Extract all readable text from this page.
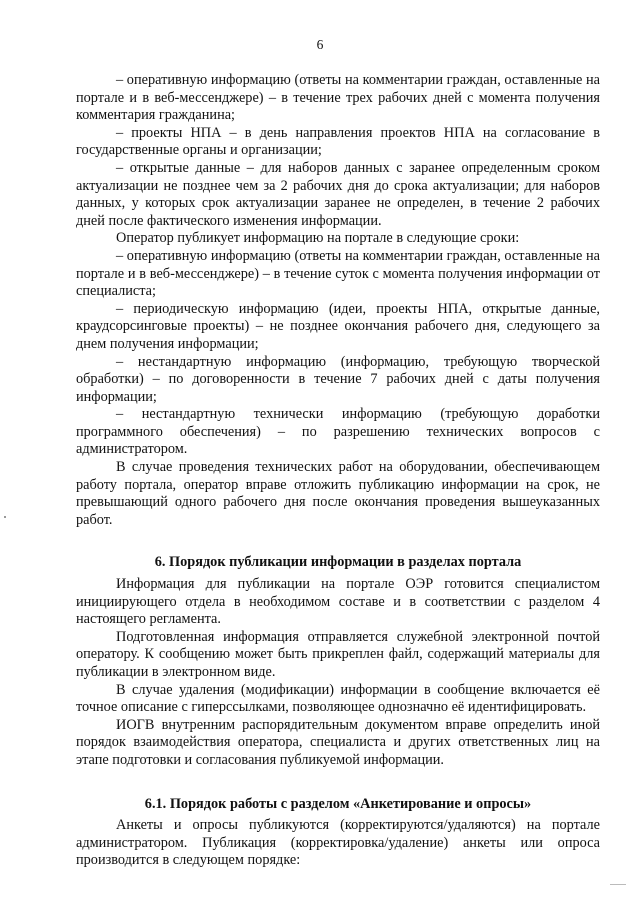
6

– оперативную информацию (ответы на комментарии граждан, оставленные на портале и в веб-мессенджере) – в течение трех рабочих дней с момента получения комментария гражданина;

– проекты НПА – в день направления проектов НПА на согласование в государственные органы и организации;

– открытые данные – для наборов данных с заранее определенным сроком актуализации не позднее чем за 2 рабочих дня до срока актуализации; для наборов данных, у которых срок актуализации заранее не определен, в течение 2 рабочих дней после фактического изменения информации.

Оператор публикует информацию на портале в следующие сроки:

– оперативную информацию (ответы на комментарии граждан, оставленные на портале и в веб-мессенджере) – в течение суток с момента получения информации от специалиста;

– периодическую информацию (идеи, проекты НПА, открытые данные, краудсорсинговые проекты) – не позднее окончания рабочего дня, следующего за днем получения информации;

– нестандартную информацию (информацию, требующую творческой обработки) – по договоренности в течение 7 рабочих дней с даты получения информации;

– нестандартную технически информацию (требующую доработки программного обеспечения) – по разрешению технических вопросов с администратором.

В случае проведения технических работ на оборудовании, обеспечивающем работу портала, оператор вправе отложить публикацию информации на срок, не превышающий одного рабочего дня после окончания проведения вышеуказанных работ.

6. Порядок публикации информации в разделах портала

Информация для публикации на портале ОЭР готовится специалистом инициирующего отдела в необходимом составе и в соответствии с разделом 4 настоящего регламента.

Подготовленная информация отправляется служебной электронной почтой оператору. К сообщению может быть прикреплен файл, содержащий материалы для публикации в электронном виде.

В случае удаления (модификации) информации в сообщение включается её точное описание с гиперссылками, позволяющее однозначно её идентифицировать.

ИОГВ внутренним распорядительным документом вправе определить иной порядок взаимодействия оператора, специалиста и других ответственных лиц на этапе подготовки и согласования публикуемой информации.

6.1. Порядок работы с разделом «Анкетирование и опросы»

Анкеты и опросы публикуются (корректируются/удаляются) на портале администратором. Публикация (корректировка/удаление) анкеты или опроса производится в следующем порядке:
